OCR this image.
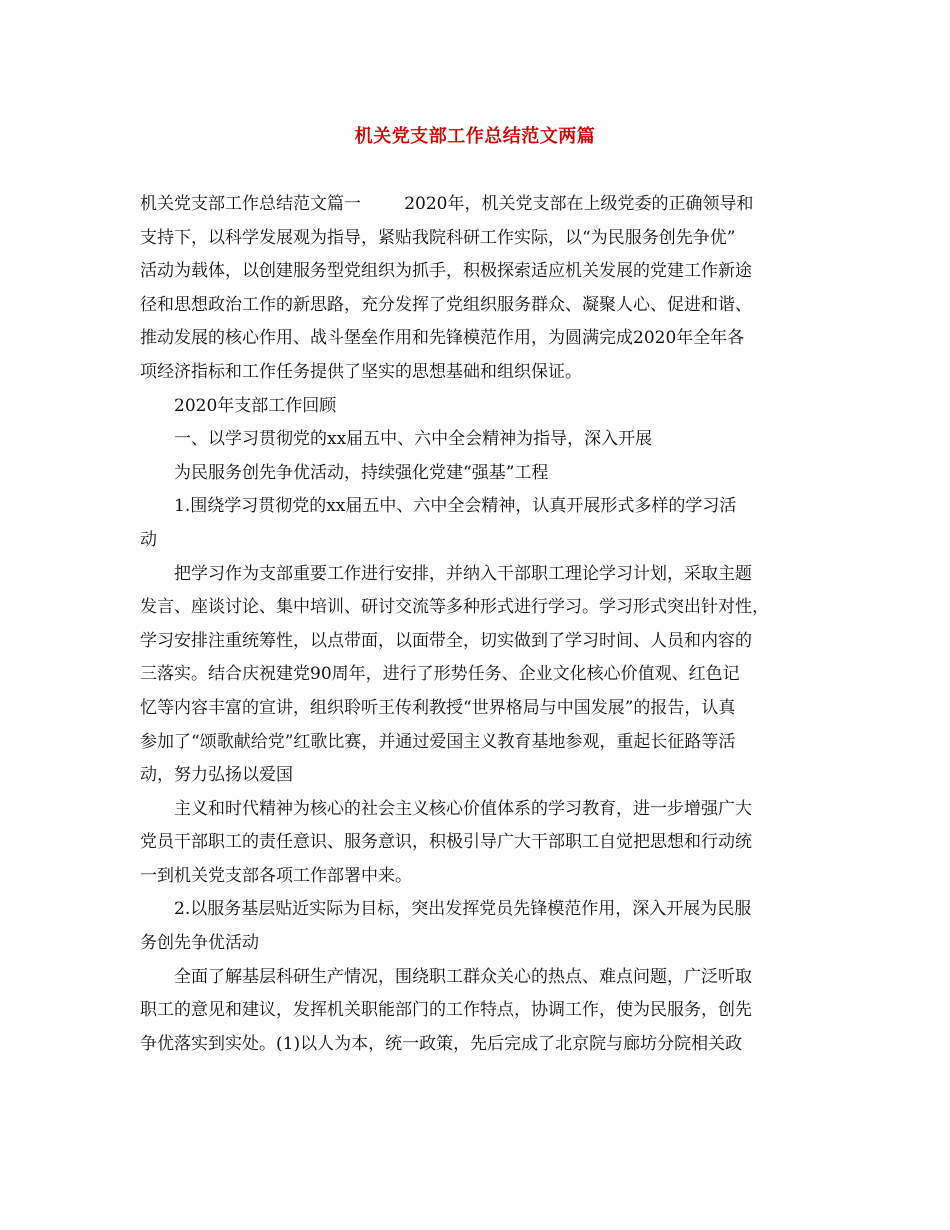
机关党支部工作总结范文两篇
机关党支部工作总结范文篇一        2020年，机关党支部在上级党委的正确领导和
支持下，以科学发展观为指导，紧贴我院科研工作实际，以“为民服务创先争优”
活动为载体，以创建服务型党组织为抓手，积极探索适应机关发展的党建工作新途
径和思想政治工作的新思路，充分发挥了党组织服务群众、凝聚人心、促进和谐、
推动发展的核心作用、战斗堡垒作用和先锋模范作用，为圆满完成2020年全年各
项经济指标和工作任务提供了坚实的思想基础和组织保证。
2020年支部工作回顾
一、以学习贯彻党的xx届五中、六中全会精神为指导，深入开展
为民服务创先争优活动，持续强化党建“强基”工程
1.围绕学习贯彻党的xx届五中、六中全会精神，认真开展形式多样的学习活
动
把学习作为支部重要工作进行安排，并纳入干部职工理论学习计划，采取主题
发言、座谈讨论、集中培训、研讨交流等多种形式进行学习。学习形式突出针对性，
学习安排注重统筹性，以点带面，以面带全，切实做到了学习时间、人员和内容的
三落实。结合庆祝建党90周年，进行了形势任务、企业文化核心价值观、红色记
忆等内容丰富的宣讲，组织聆听王传利教授“世界格局与中国发展”的报告，认真
参加了“颂歌献给党”红歌比赛，并通过爱国主义教育基地参观，重起长征路等活
动，努力弘扬以爱国
主义和时代精神为核心的社会主义核心价值体系的学习教育，进一步增强广大
党员干部职工的责任意识、服务意识，积极引导广大干部职工自觉把思想和行动统
一到机关党支部各项工作部署中来。
2.以服务基层贴近实际为目标，突出发挥党员先锋模范作用，深入开展为民服
务创先争优活动
全面了解基层科研生产情况，围绕职工群众关心的热点、难点问题，广泛听取
职工的意见和建议，发挥机关职能部门的工作特点，协调工作，使为民服务，创先
争优落实到实处。(1)以人为本，统一政策，先后完成了北京院与廊坊分院相关政
